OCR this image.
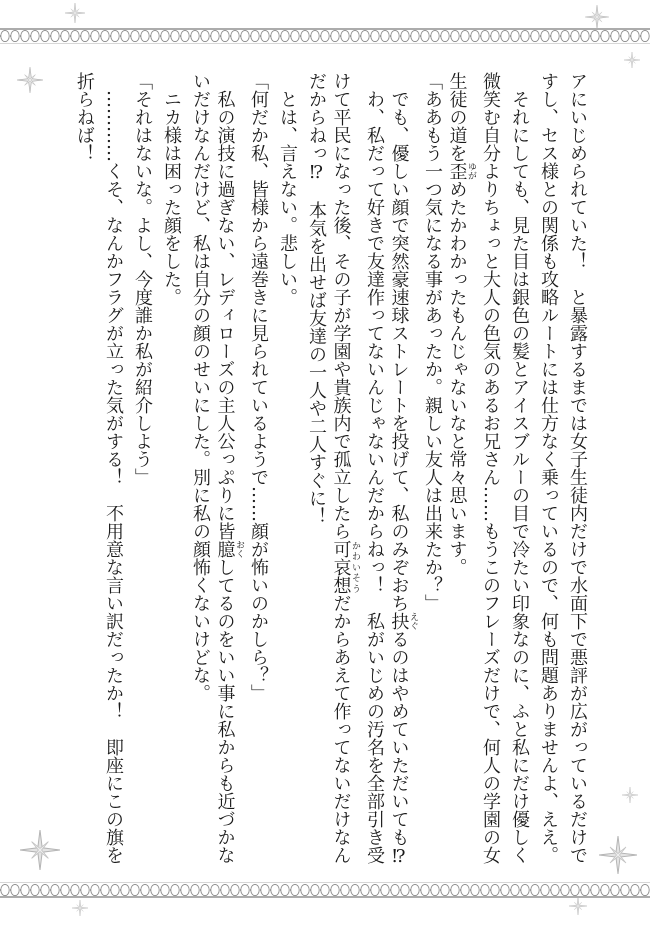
アにいじめられていた！　と暴露するまでは女子生徒内だけで水面下で悪評が広がっているだけで

すし、セス様との関係も攻略ルートには仕方なく乗っているので、何も問題ありませんよ、ええ。

それにしても、見た目は銀色の髪とアイスブルーの目で冷たい印象なのに、ふと私にだけ優しく

微笑む自分よりちょっと大人の色気のあるお兄さん……もうこのフレーズだけで、何人の学園の女

生徒の道を歪ゆがめたかわかったもんじゃないなと常々思います。

「ああもう一つ気になる事があったか。親しい友人は出来たか？」

でも、優しい顔で突然豪速球ストレートを投げて、私のみぞおち抉えぐるのはやめていただいても⁉

わ、私だって好きで友達作ってないんじゃないんだからねっ！　私がいじめの汚名を全部引き受

けて平民になった後、その子が学園や貴族内で孤立したら可哀想かわいそうだからあえて作ってないだけなん

だからねっ⁉　本気を出せば友達の一人や二人すぐに！

とは、言えない。悲しい。

「何だか私、皆様から遠巻きに見られているようで……顔が怖いのかしら？」

私の演技に過ぎない、レディローズの主人公っぷりに皆臆おくしてるのをいい事に私からも近づかな

いだけなんだけど、私は自分の顔のせいにした。別に私の顔怖くないけどな。

ニカ様は困った顔をした。

「それはないな。よし、今度誰か私が紹介しよう」

…………くそ、なんかフラグが立った気がする！　不用意な言い訳だったか！　即座にこの旗を

折らねば！
